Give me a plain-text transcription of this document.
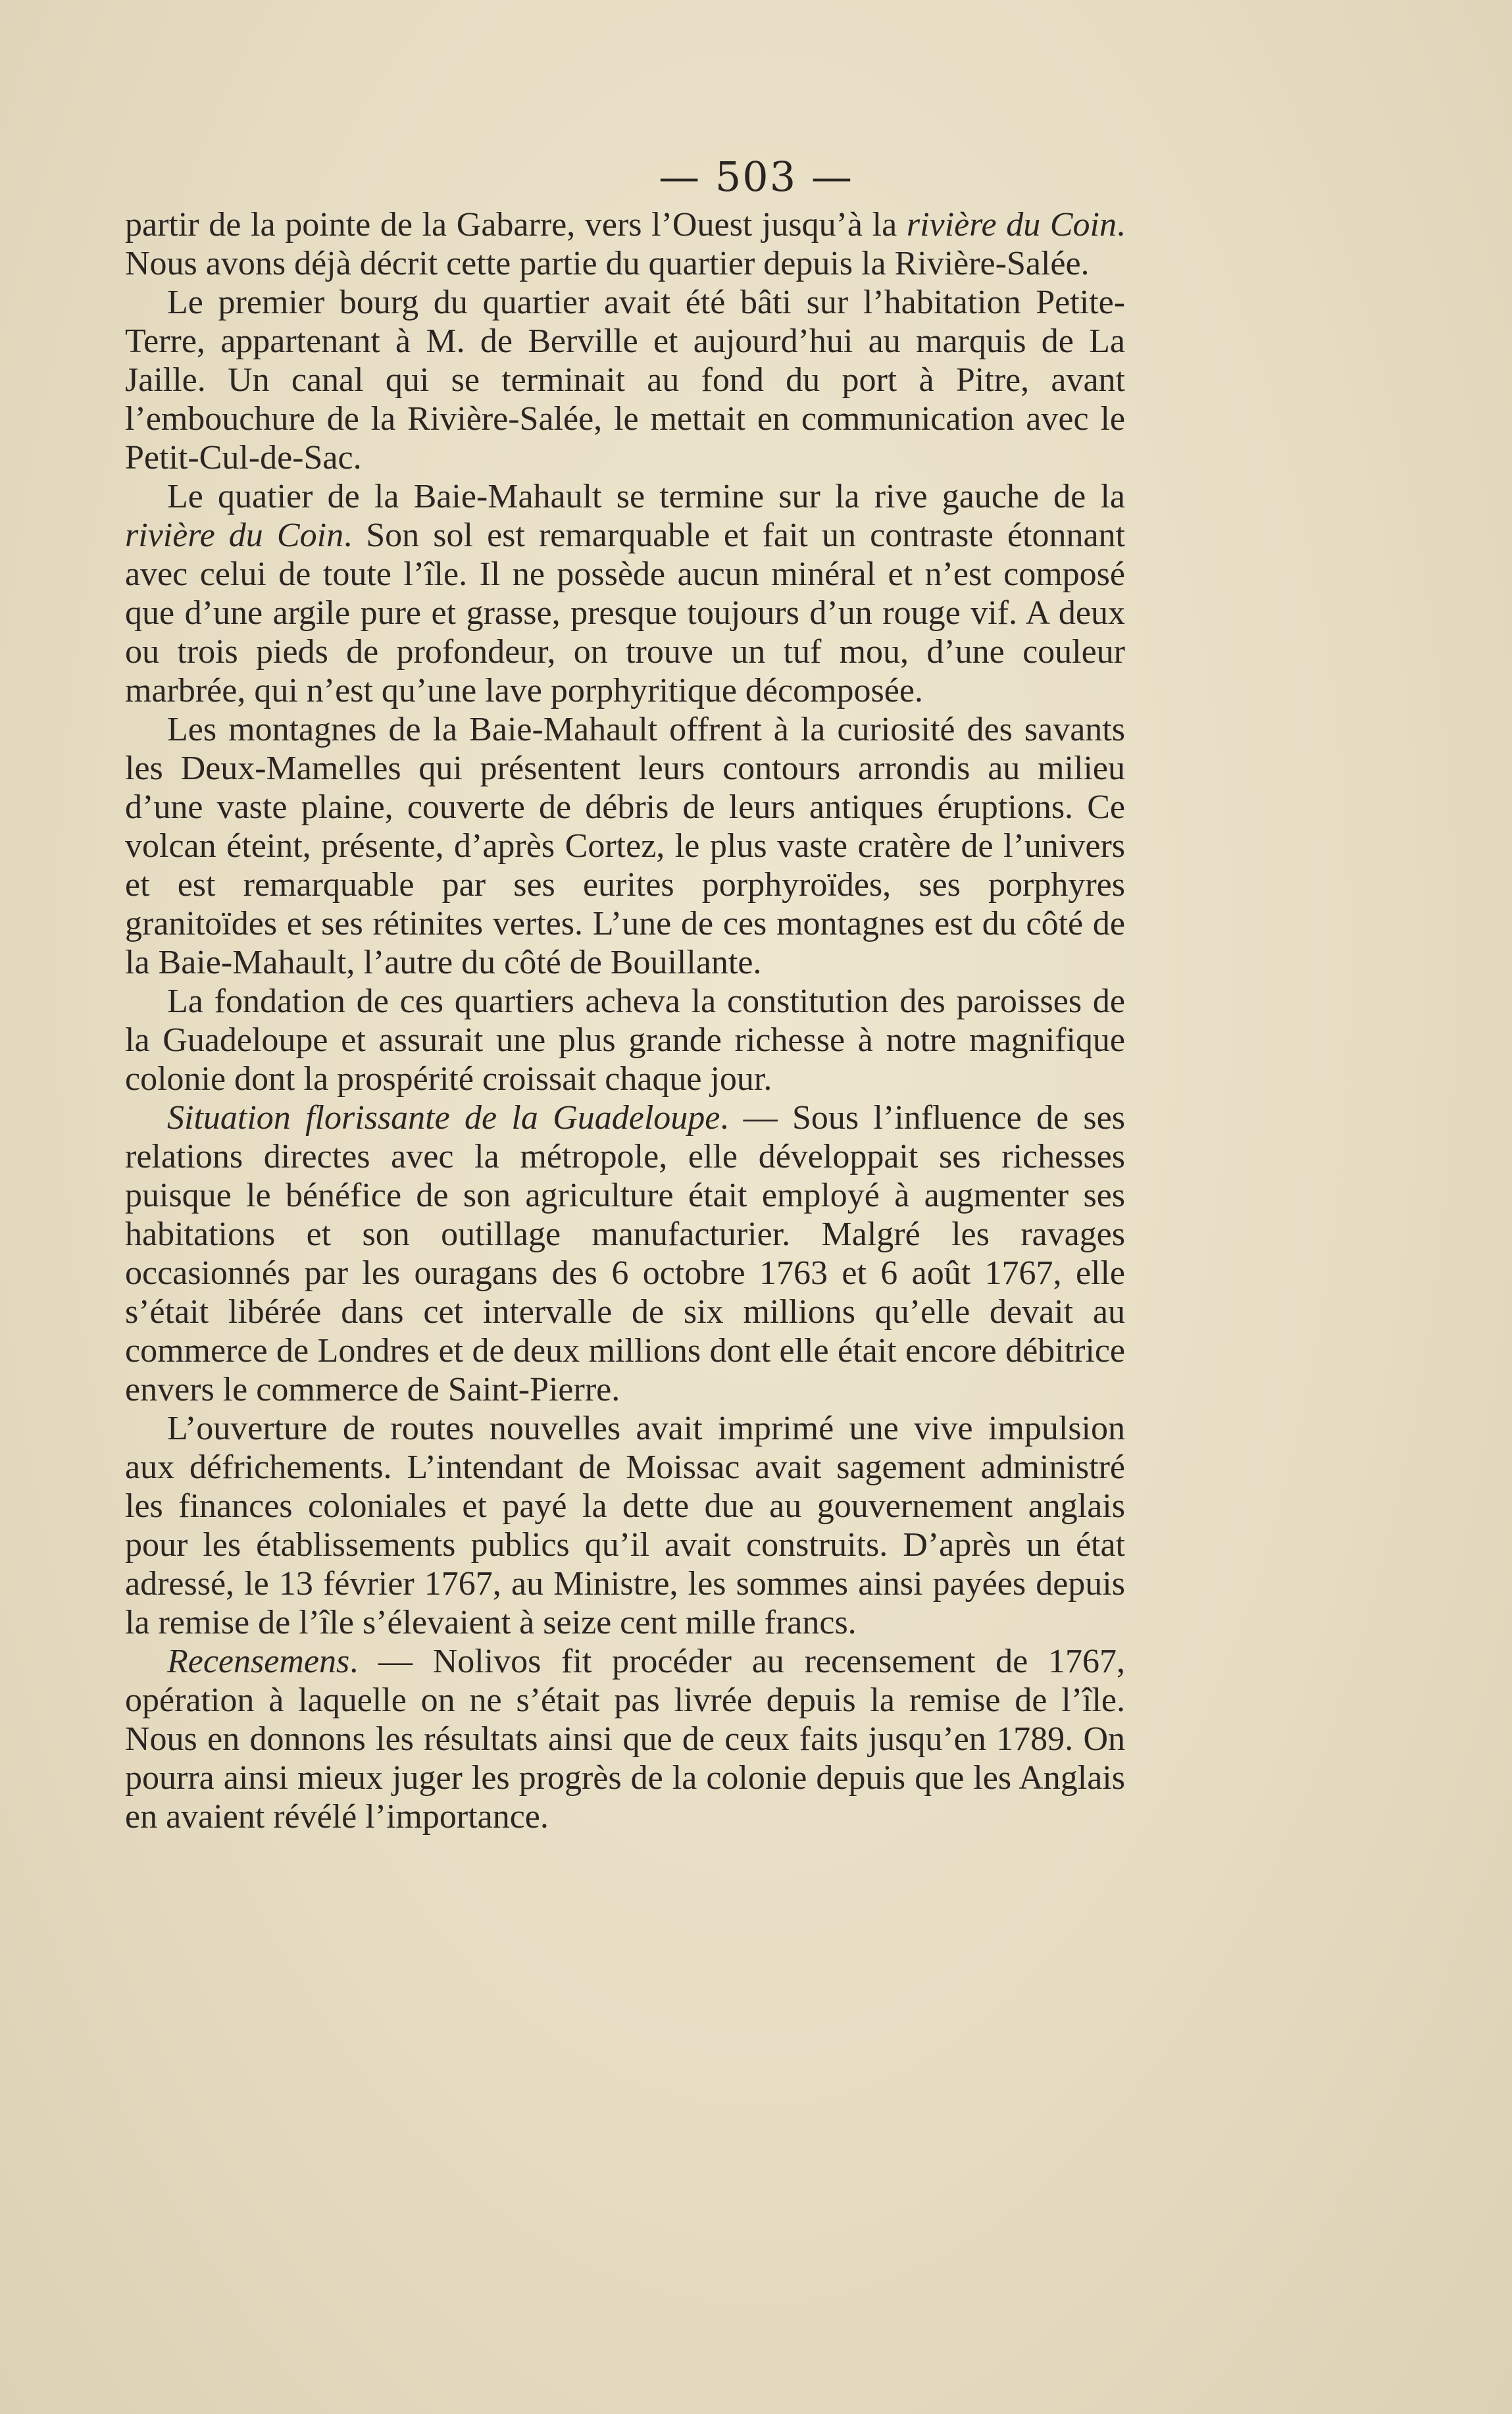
— 503 —

partir de la pointe de la Gabarre, vers l’Ouest jusqu’à la rivière du Coin. Nous avons déjà décrit cette partie du quartier depuis la Rivière-Salée.

Le premier bourg du quartier avait été bâti sur l’habitation Petite-Terre, appartenant à M. de Berville et aujourd’hui au marquis de La Jaille. Un canal qui se terminait au fond du port à Pitre, avant l’embouchure de la Rivière-Salée, le mettait en communication avec le Petit-Cul-de-Sac.

Le quatier de la Baie-Mahault se termine sur la rive gauche de la rivière du Coin. Son sol est remarquable et fait un contraste étonnant avec celui de toute l’île. Il ne possède aucun minéral et n’est composé que d’une argile pure et grasse, presque toujours d’un rouge vif. A deux ou trois pieds de profondeur, on trouve un tuf mou, d’une couleur marbrée, qui n’est qu’une lave porphyritique décomposée.

Les montagnes de la Baie-Mahault offrent à la curiosité des savants les Deux-Mamelles qui présentent leurs contours arrondis au milieu d’une vaste plaine, couverte de débris de leurs antiques éruptions. Ce volcan éteint, présente, d’après Cortez, le plus vaste cratère de l’univers et est remarquable par ses eurites porphyroïdes, ses porphyres granitoïdes et ses rétinites vertes. L’une de ces montagnes est du côté de la Baie-Mahault, l’autre du côté de Bouillante.

La fondation de ces quartiers acheva la constitution des paroisses de la Guadeloupe et assurait une plus grande richesse à notre magnifique colonie dont la prospérité croissait chaque jour.

Situation florissante de la Guadeloupe. — Sous l’influence de ses relations directes avec la métropole, elle développait ses richesses puisque le bénéfice de son agriculture était employé à augmenter ses habitations et son outillage manufacturier. Malgré les ravages occasionnés par les ouragans des 6 octobre 1763 et 6 août 1767, elle s’était libérée dans cet intervalle de six millions qu’elle devait au commerce de Londres et de deux millions dont elle était encore débitrice envers le commerce de Saint-Pierre.

L’ouverture de routes nouvelles avait imprimé une vive impulsion aux défrichements. L’intendant de Moissac avait sagement administré les finances coloniales et payé la dette due au gouvernement anglais pour les établissements publics qu’il avait construits. D’après un état adressé, le 13 février 1767, au Ministre, les sommes ainsi payées depuis la remise de l’île s’élevaient à seize cent mille francs.

Recensemens. — Nolivos fit procéder au recensement de 1767, opération à laquelle on ne s’était pas livrée depuis la remise de l’île. Nous en donnons les résultats ainsi que de ceux faits jusqu’en 1789. On pourra ainsi mieux juger les progrès de la colonie depuis que les Anglais en avaient révélé l’importance.
